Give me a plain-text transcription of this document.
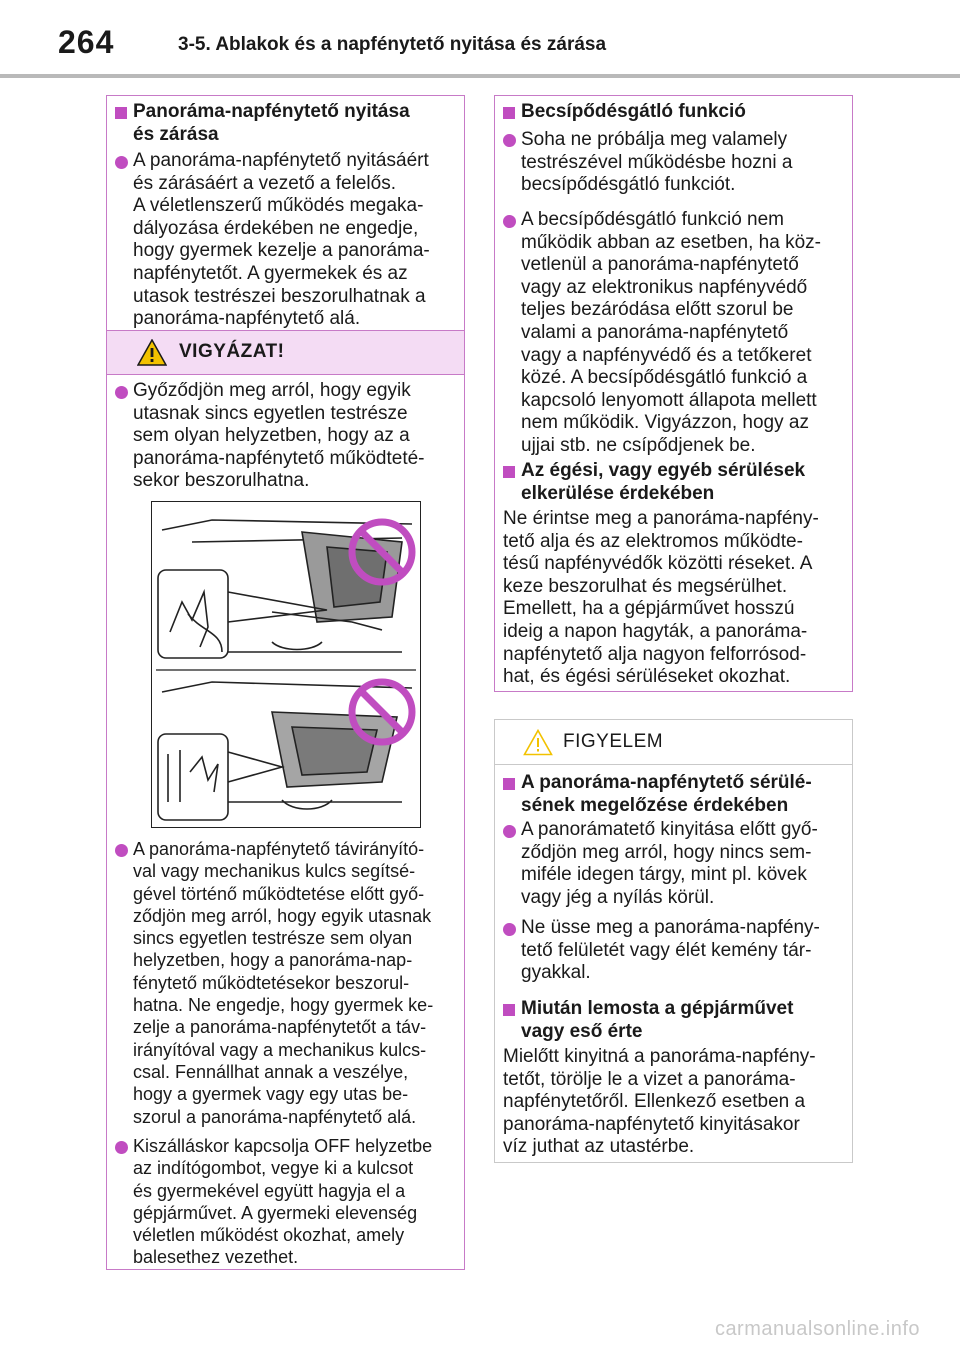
264	3-5. Ablakok és a napfénytető nyitása és zárása
Panoráma-napfénytető nyitása
és zárása
A panoráma-napfénytető nyitásáért
és zárásáért a vezető a felelős.
A véletlenszerű működés megaka-
dályozása érdekében ne engedje,
hogy gyermek kezelje a panoráma-
napfénytetőt. A gyermekek és az
utasok testrészei beszorulhatnak a
panoráma-napfénytető alá.
VIGYÁZAT!
Győződjön meg arról, hogy egyik
utasnak sincs egyetlen testrésze
sem olyan helyzetben, hogy az a
panoráma-napfénytető működteté-
sekor beszorulhatna.
A panoráma-napfénytető távirányító-
val vagy mechanikus kulcs segítsé-
gével történő működtetése előtt győ-
ződjön meg arról, hogy egyik utasnak
sincs egyetlen testrésze sem olyan
helyzetben, hogy a panoráma-nap-
fénytető működtetésekor beszorul-
hatna. Ne engedje, hogy gyermek ke-
zelje a panoráma-napfénytetőt a táv-
irányítóval vagy a mechanikus kulcs-
csal. Fennállhat annak a veszélye,
hogy a gyermek vagy egy utas be-
szorul a panoráma-napfénytető alá.
Kiszálláskor kapcsolja OFF helyzetbe
az indítógombot, vegye ki a kulcsot
és gyermekével együtt hagyja el a
gépjárművet. A gyermeki elevenség
véletlen működést okozhat, amely
balesethez vezethet.
Becsípődésgátló funkció
Soha ne próbálja meg valamely
testrészével működésbe hozni a
becsípődésgátló funkciót.
A becsípődésgátló funkció nem
működik abban az esetben, ha köz-
vetlenül a panoráma-napfénytető
vagy az elektronikus napfényvédő
teljes bezáródása előtt szorul be
valami a panoráma-napfénytető
vagy a napfényvédő és a tetőkeret
közé. A becsípődésgátló funkció a
kapcsoló lenyomott állapota mellett
nem működik. Vigyázzon, hogy az
ujjai stb. ne csípődjenek be.
Az égési, vagy egyéb sérülések
elkerülése érdekében
Ne érintse meg a panoráma-napfény-
tető alja és az elektromos működte-
tésű napfényvédők közötti réseket. A
keze beszorulhat és megsérülhet.
Emellett, ha a gépjárművet hosszú
ideig a napon hagyták, a panoráma-
napfénytető alja nagyon felforrósod-
hat, és égési sérüléseket okozhat.
FIGYELEM
A panoráma-napfénytető sérülé-
sének megelőzése érdekében
A panorámatető kinyitása előtt győ-
ződjön meg arról, hogy nincs sem-
miféle idegen tárgy, mint pl. kövek
vagy jég a nyílás körül.
Ne üsse meg a panoráma-napfény-
tető felületét vagy élét kemény tár-
gyakkal.
Miután lemosta a gépjárművet
vagy eső érte
Mielőtt kinyitná a panoráma-napfény-
tetőt, törölje le a vizet a panoráma-
napfénytetőről. Ellenkező esetben a
panoráma-napfénytető kinyitásakor
víz juthat az utastérbe.
carmanualsonline.info
